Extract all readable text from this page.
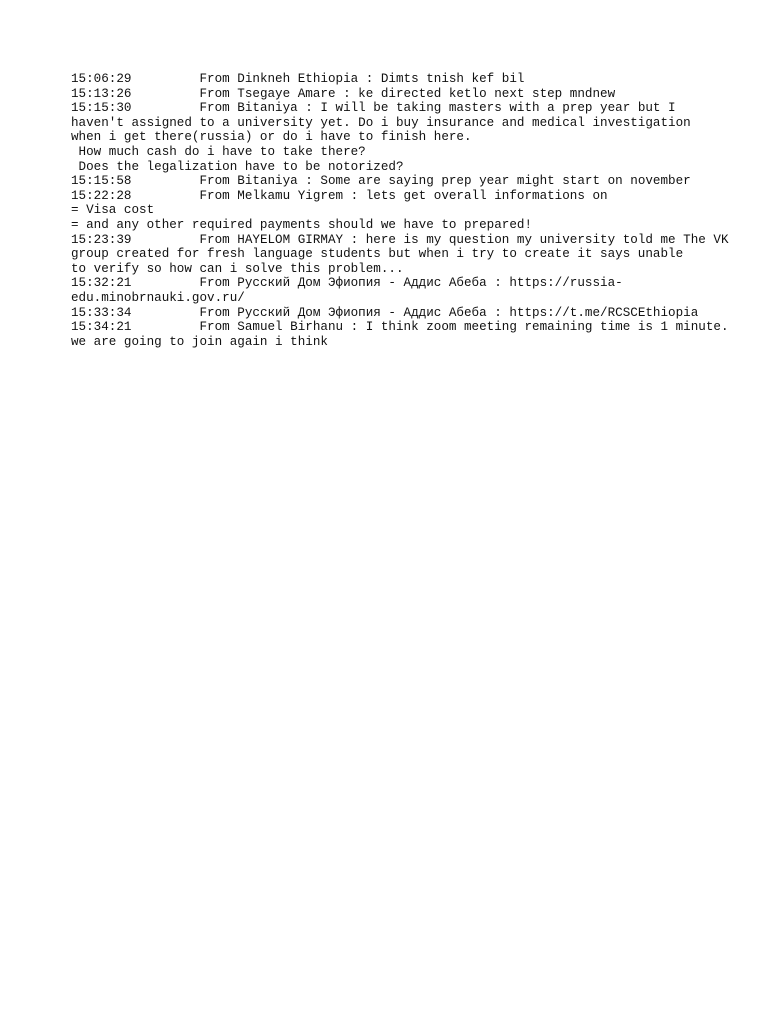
15:06:29	From Dinkneh Ethiopia : Dimts tnish kef bil
15:13:26	From Tsegaye Amare : ke directed ketlo next step mndnew
15:15:30	From Bitaniya : I will be taking masters with a prep year but I
haven't assigned to a university yet. Do i buy insurance and medical investigation
when i get there(russia) or do i have to finish here.
How much cash do i have to take there?
Does the legalization have to be notorized?
15:15:58	From Bitaniya : Some are saying prep year might start on november
15:22:28	From Melkamu Yigrem : lets get overall informations on
= Visa cost
= and any other required payments should we have to prepared!
15:23:39	From HAYELOM GIRMAY : here is my question my university told me The VK
group created for fresh language students but when i try to create it says unable
to verify so how can i solve this problem...
15:32:21	From Русский Дом Эфиопия - Аддис Абеба : https://russia-
edu.minobrnauki.gov.ru/
15:33:34	From Русский Дом Эфиопия - Аддис Абеба : https://t.me/RCSCEthiopia
15:34:21	From Samuel Birhanu : I think zoom meeting remaining time is 1 minute.
we are going to join again i think
